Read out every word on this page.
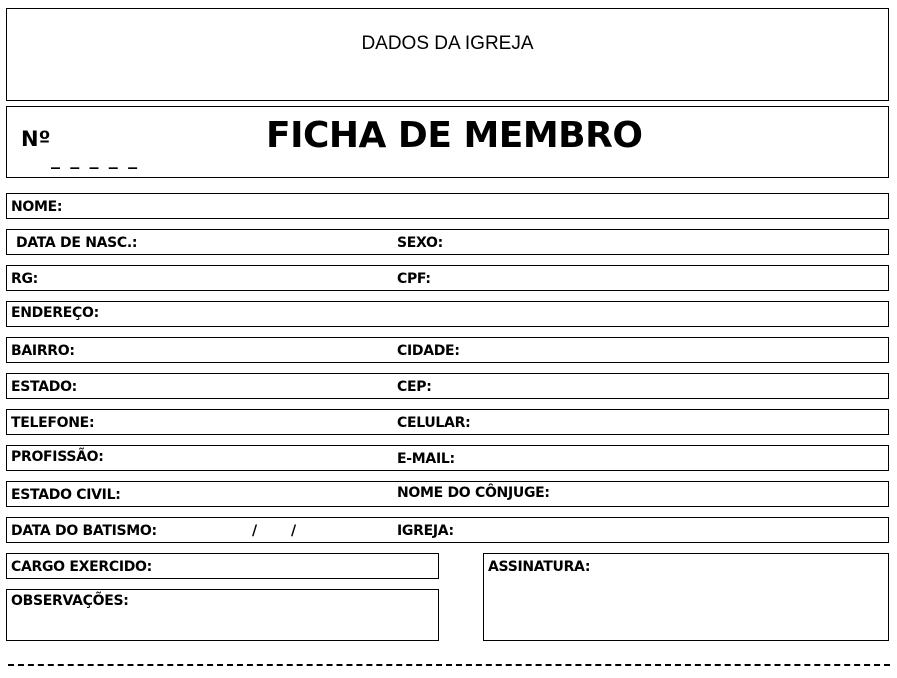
DADOS DA IGREJA
Nº
_ _ _ _ _
FICHA DE MEMBRO
NOME:
DATA DE NASC.:	SEXO:
RG:	CPF:
ENDEREÇO:
BAIRRO:	CIDADE:
ESTADO:	CEP:
TELEFONE:	CELULAR:
PROFISSÃO:	E-MAIL:
ESTADO CIVIL:	NOME DO CÔNJUGE:
DATA DO BATISMO:	/ /	IGREJA:
CARGO EXERCIDO:
OBSERVAÇÕES:
ASSINATURA:
